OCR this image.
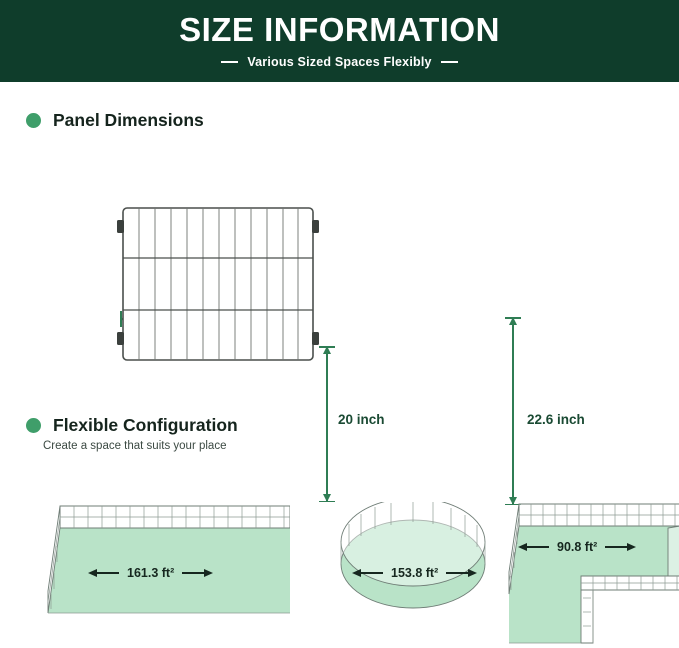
SIZE INFORMATION
Various Sized Spaces Flexibly
Panel Dimensions
20 inch	22.6 inch
Flexible Configuration
Create a space that suits your place
161.3 ft²	153.8 ft²
90.8 ft²
